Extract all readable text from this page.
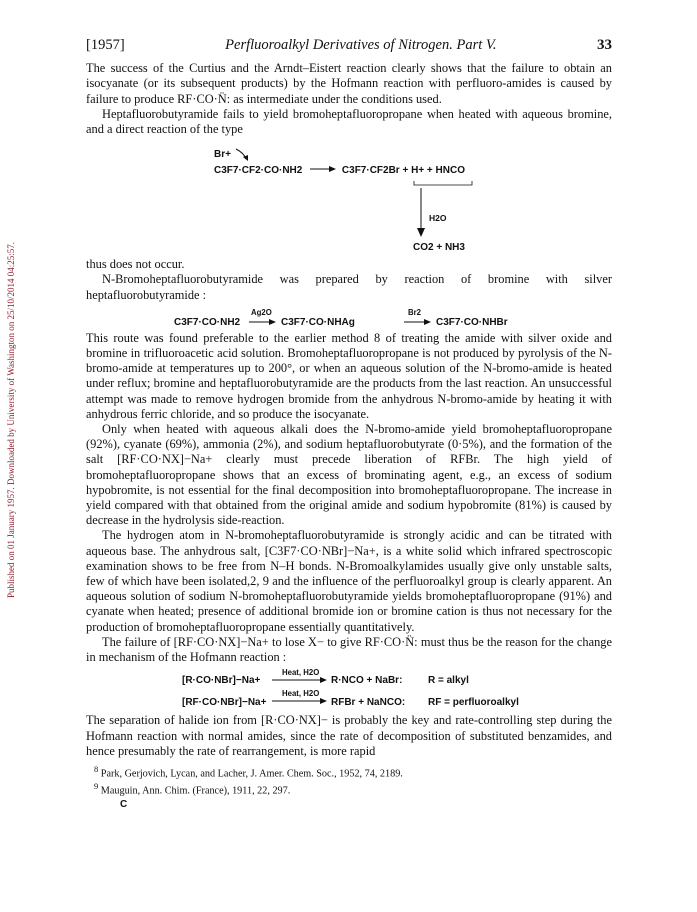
Published on 01 January 1957. Downloaded by University of Washington on 25/10/2014 04:25:57.
[1957]	Perfluoroalkyl Derivatives of Nitrogen. Part V.	33

The success of the Curtius and the Arndt–Eistert reaction clearly shows that the failure to obtain an isocyanate (or its subsequent products) by the Hofmann reaction with perfluoro-amides is caused by failure to produce RF·CO·N̈: as intermediate under the conditions used.

Heptafluorobutyramide fails to yield bromoheptafluoropropane when heated with aqueous bromine, and a direct reaction of the type

Br+
C3F7·CF2·CO·NH2	C3F7·CF2Br + H+ + HNCO
H2O
CO2 + NH3

thus does not occur.

N-Bromoheptafluorobutyramide was prepared by reaction of bromine with silver heptafluorobutyramide :

C3F7·CO·NH2
Ag2O
C3F7·CO·NHAg
Br2
C3F7·CO·NHBr

This route was found preferable to the earlier method 8 of treating the amide with silver oxide and bromine in trifluoroacetic acid solution. Bromoheptafluoropropane is not produced by pyrolysis of the N-bromo-amide at temperatures up to 200°, or when an aqueous solution of the N-bromo-amide is heated under reflux; bromine and heptafluorobutyramide are the products from the last reaction. An unsuccessful attempt was made to remove hydrogen bromide from the anhydrous N-bromo-amide by heating it with anhydrous ferric chloride, and so produce the isocyanate.

Only when heated with aqueous alkali does the N-bromo-amide yield bromoheptafluoropropane (92%), cyanate (69%), ammonia (2%), and sodium heptafluorobutyrate (0·5%), and the formation of the salt [RF·CO·NX]−Na+ clearly must precede liberation of RFBr. The high yield of bromoheptafluoropropane shows that an excess of brominating agent, e.g., an excess of sodium hypobromite, is not essential for the final decomposition into bromoheptafluoropropane. The increase in yield compared with that obtained from the original amide and sodium hypobromite (81%) is caused by decrease in the hydrolysis side-reaction.

The hydrogen atom in N-bromoheptafluorobutyramide is strongly acidic and can be titrated with aqueous base. The anhydrous salt, [C3F7·CO·NBr]−Na+, is a white solid which infrared spectroscopic examination shows to be free from N–H bonds. N-Bromoalkylamides usually give only unstable salts, few of which have been isolated,2, 9 and the influence of the perfluoroalkyl group is clearly apparent. An aqueous solution of sodium N-bromoheptafluorobutyramide yields bromoheptafluoropropane (91%) and cyanate when heated; presence of additional bromide ion or bromine cation is thus not necessary for the production of bromoheptafluoropropane essentially quantitatively.

The failure of [RF·CO·NX]−Na+ to lose X− to give RF·CO·N̈: must thus be the reason for the change in mechanism of the Hofmann reaction :

[R·CO·NBr]−Na+
Heat, H2O
R·NCO + NaBr:	R = alkyl
[RF·CO·NBr]−Na+
Heat, H2O
RFBr + NaNCO: RF = perfluoroalkyl

The separation of halide ion from [R·CO·NX]− is probably the key and rate-controlling step during the Hofmann reaction with normal amides, since the rate of decomposition of substituted benzamides, and hence presumably the rate of rearrangement, is more rapid

$^8$ Park, Gerjovich, Lycan, and Lacher, J. Amer. Chem. Soc., 1952, 74, 2189.
$^9$ Mauguin, Ann. Chim. (France), 1911, 22, 297.
C
